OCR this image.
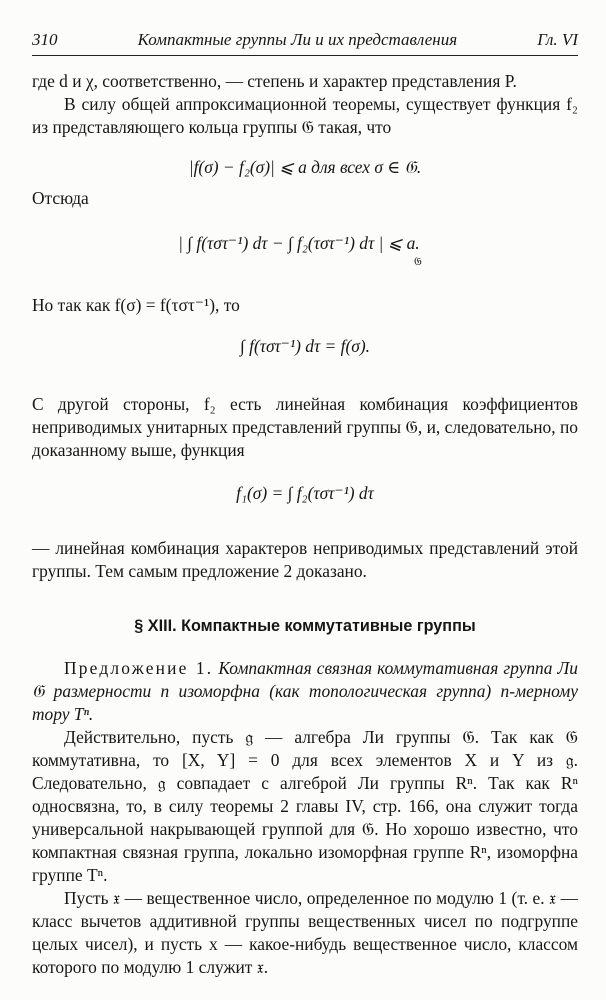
310	Компактные группы Ли и их представления	Гл. VI

где d и χ, соответственно, — степень и характер представления P.

В силу общей аппроксимационной теоремы, существует функция f₂ из представляющего кольца группы 𝔊 такая, что

|f(σ) − f₂(σ)| ⩽ a для всех σ ∈ 𝔊.

Отсюда

| ∫ f(τστ⁻¹) dτ − ∫ f₂(τστ⁻¹) dτ | ⩽ a. $_𝔊$

Но так как f(σ) = f(τστ⁻¹), то

∫ f(τστ⁻¹) dτ = f(σ).

С другой стороны, f₂ есть линейная комбинация коэффициентов неприводимых унитарных представлений группы 𝔊, и, следовательно, по доказанному выше, функция

f₁(σ) = ∫ f₂(τστ⁻¹) dτ

— линейная комбинация характеров неприводимых представлений этой группы. Тем самым предложение 2 доказано.

§ XIII. Компактные коммутативные группы

Предложение 1. Компактная связная коммутативная группа Ли 𝔊 размерности n изоморфна (как топологическая группа) n-мерному тору Tⁿ.

Действительно, пусть 𝔤 — алгебра Ли группы 𝔊. Так как 𝔊 коммутативна, то [X, Y] = 0 для всех элементов X и Y из 𝔤. Следовательно, 𝔤 совпадает с алгеброй Ли группы Rⁿ. Так как Rⁿ односвязна, то, в силу теоремы 2 главы IV, стр. 166, она служит тогда универсальной накрывающей группой для 𝔊. Но хорошо известно, что компактная связная группа, локально изоморфная группе Rⁿ, изоморфна группе Tⁿ.

Пусть 𝔵 — вещественное число, определенное по модулю 1 (т. е. 𝔵 — класс вычетов аддитивной группы вещественных чисел по подгруппе целых чисел), и пусть x — какое-нибудь вещественное число, классом которого по модулю 1 служит 𝔵.
